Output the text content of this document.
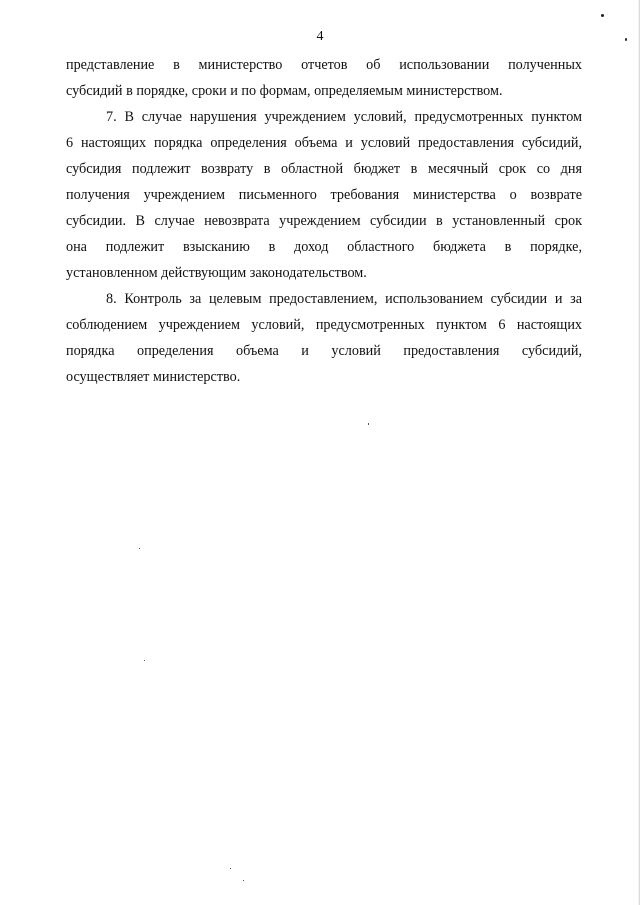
4
представление в министерство отчетов об использовании полученных
субсидий в порядке, сроки и по формам, определяемым министерством.
7. В случае нарушения учреждением условий, предусмотренных пунктом
6 настоящих порядка определения объема и условий предоставления субсидий,
субсидия подлежит возврату в областной бюджет в месячный срок со дня
получения учреждением письменного требования министерства о возврате
субсидии. В случае невозврата учреждением субсидии в установленный срок
она подлежит взысканию в доход областного бюджета в порядке,
установленном действующим законодательством.
8. Контроль за целевым предоставлением, использованием субсидии и за
соблюдением учреждением условий, предусмотренных пунктом 6 настоящих
порядка определения объема и условий предоставления субсидий,
осуществляет министерство.
